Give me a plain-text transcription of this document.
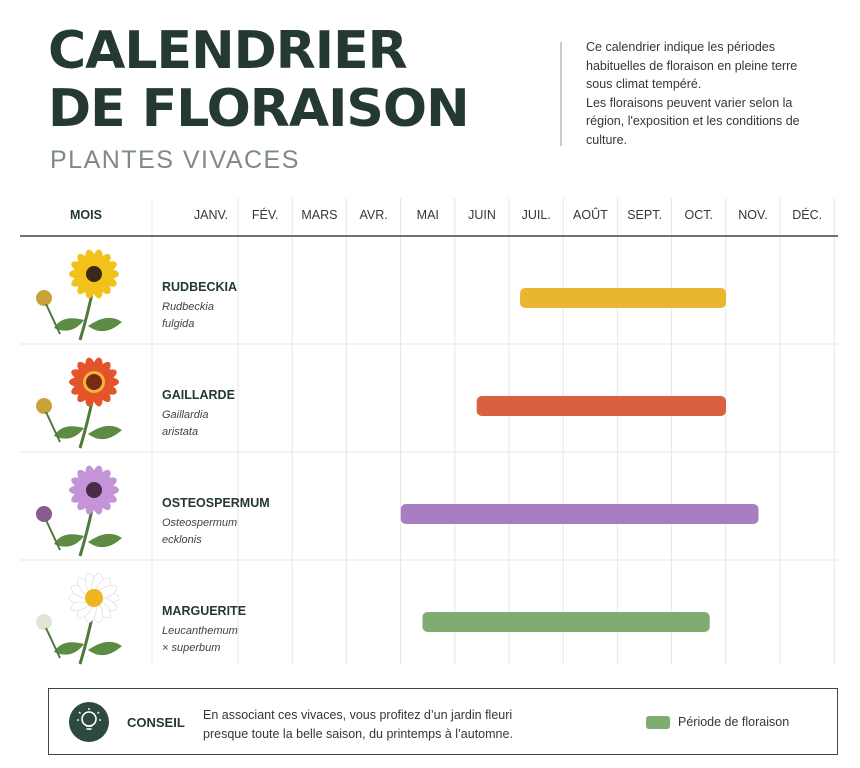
CALENDRIER
DE FLORAISON
PLANTES VIVACES

Ce calendrier indique les périodes habituelles de floraison en pleine terre sous climat tempéré.

Les floraisons peuvent varier selon la région, l'exposition et les conditions de culture.

MOIS	JANV. FÉV. MARS AVR. MAI JUIN JUIL. AOÛT SEPT. OCT. NOV. DÉC.
RUDBECKIA
Rudbeckia
fulgida
GAILLARDE
Gaillardia
aristata
OSTEOSPERMUM
Osteospermum
ecklonis
MARGUERITE
Leucanthemum
× superbum
CONSEIL En associant ces vivaces, vous profitez d’un jardin fleuri presque toute la belle saison, du printemps à l’automne.
Période de floraison
